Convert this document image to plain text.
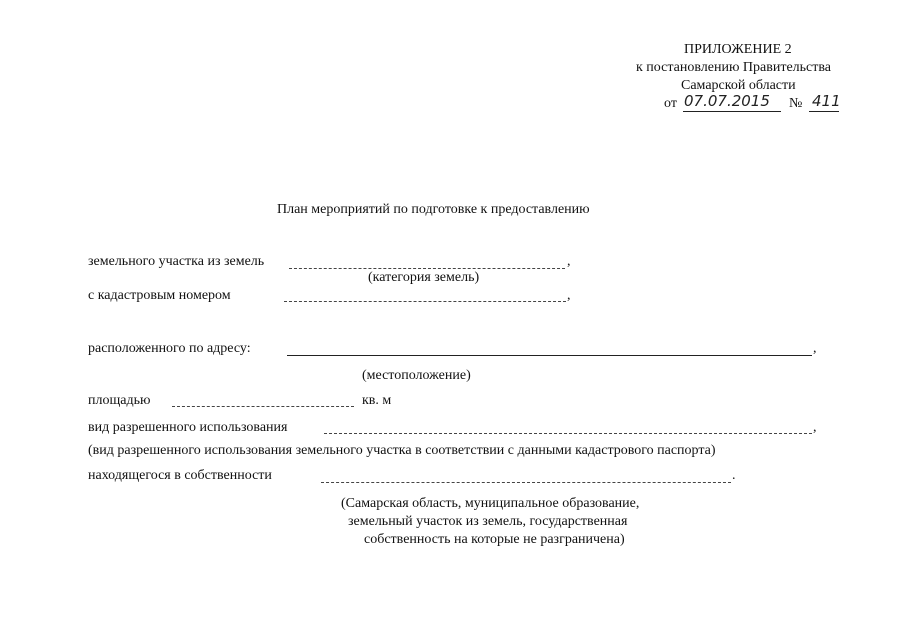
ПРИЛОЖЕНИЕ 2
к постановлению Правительства
Самарской области
от 07.07.2015 № 411
План мероприятий по подготовке к предоставлению
земельного участка из земель	,
(категория земель)
с кадастровым номером	,
расположенного по адресу:	,
(местоположение)
площадью	кв. м
вид разрешенного использования	,
(вид разрешенного использования земельного участка в соответствии с данными кадастрового паспорта)
находящегося в собственности	.
(Самарская область, муниципальное образование,
земельный участок из земель, государственная
собственность на которые не разграничена)
